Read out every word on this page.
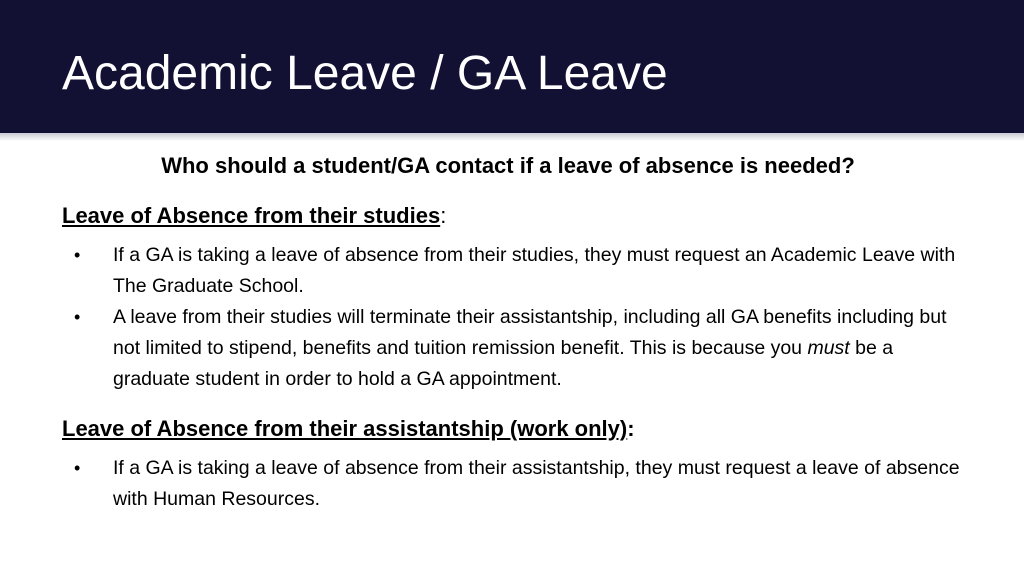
Academic Leave / GA Leave
Who should a student/GA contact if a leave of absence is needed?
Leave of Absence from their studies:
• If a GA is taking a leave of absence from their studies, they must request an Academic Leave with The Graduate School.
• A leave from their studies will terminate their assistantship, including all GA benefits including but not limited to stipend, benefits and tuition remission benefit. This is because you must be a graduate student in order to hold a GA appointment.
Leave of Absence from their assistantship (work only):
• If a GA is taking a leave of absence from their assistantship, they must request a leave of absence with Human Resources.
